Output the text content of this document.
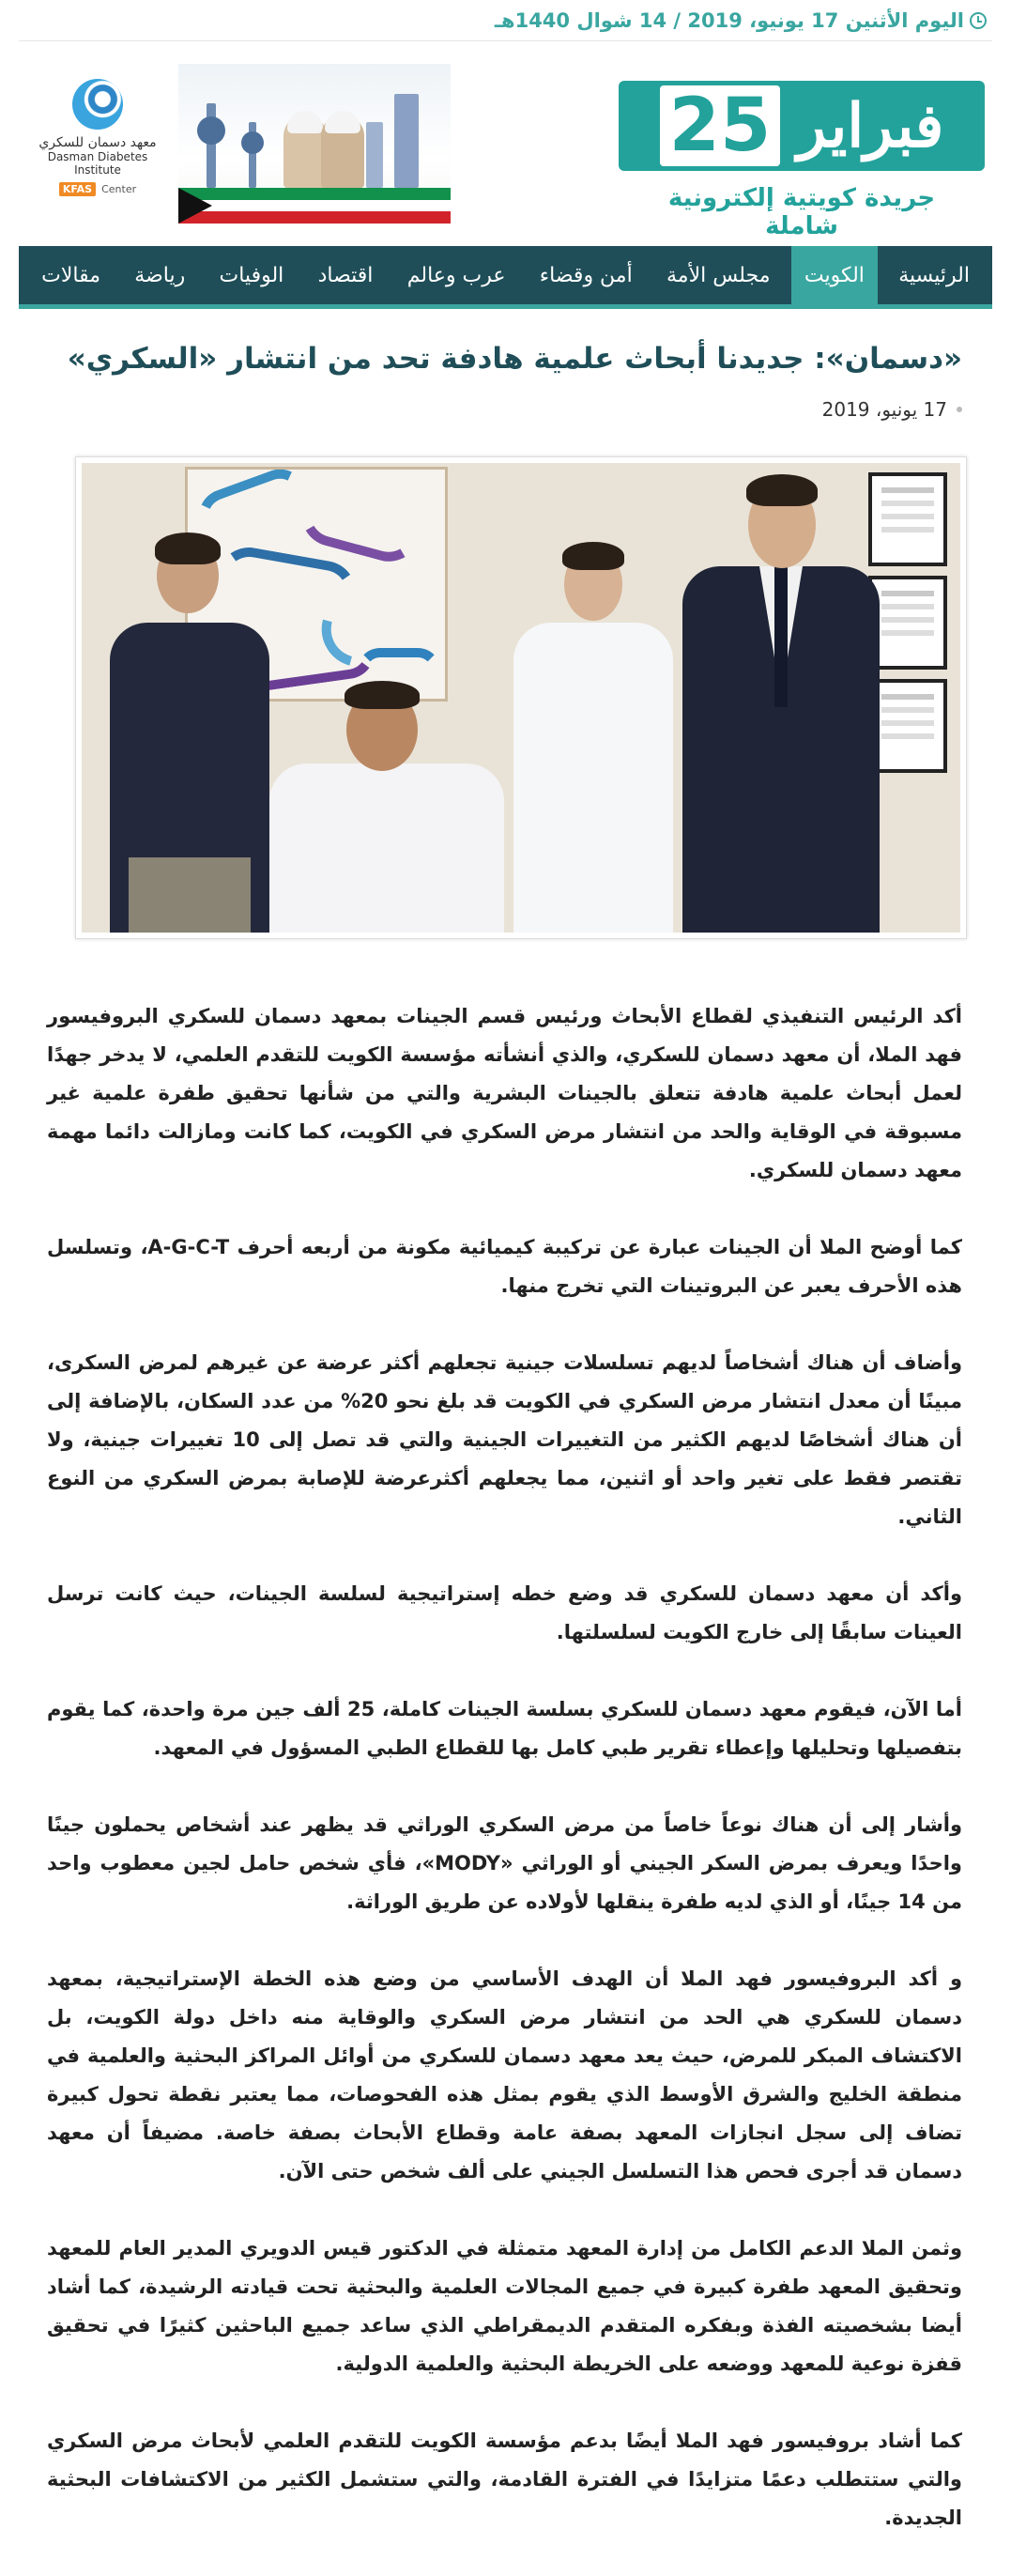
اليوم الأثنين 17 يونيو، 2019 / 14 شوال 1440هـ
فبراير
25
جريدة كويتية إلكترونية شاملة
معهد دسمان للسكري
Dasman Diabetes Institute
KFAS Center
الرئيسية
الكويت
مجلس الأمة
أمن وقضاء
عرب وعالم
اقتصاد
الوفيات
رياضة
مقالات
«دسمان»: جديدنا أبحاث علمية هادفة تحد من انتشار «السكري»
17 يونيو، 2019

أكد الرئيس التنفيذي لقطاع الأبحاث ورئيس قسم الجينات بمعهد دسمان للسكري البروفيسور فهد الملا، أن معهد دسمان للسكري، والذي أنشأته مؤسسة الكويت للتقدم العلمي، لا يدخر جهدًا لعمل أبحاث علمية هادفة تتعلق بالجينات البشرية والتي من شأنها تحقيق طفرة علمية غير مسبوقة في الوقاية والحد من انتشار مرض السكري في الكويت، كما كانت ومازالت دائما مهمة معهد دسمان للسكري.

كما أوضح الملا أن الجينات عبارة عن تركيبة كيميائية مكونة من أربعه أحرف A-G-C-T، وتسلسل هذه الأحرف يعبر عن البروتينات التي تخرج منها.

وأضاف أن هناك أشخاصاً لديهم تسلسلات جينية تجعلهم أكثر عرضة عن غيرهم لمرض السكرى، مبينًا أن معدل انتشار مرض السكري في الكويت قد بلغ نحو 20% من عدد السكان، بالإضافة إلى أن هناك أشخاصًا لديهم الكثير من التغييرات الجينية والتي قد تصل إلى 10 تغييرات جينية، ولا تقتصر فقط على تغير واحد أو اثنين، مما يجعلهم أكثرعرضة للإصابة بمرض السكري من النوع الثاني.

وأكد أن معهد دسمان للسكري قد وضع خطه إستراتيجية لسلسة الجينات، حيث كانت ترسل العينات سابقًا إلى خارج الكويت لسلسلتها.

أما الآن، فيقوم معهد دسمان للسكري بسلسة الجينات كاملة، 25 ألف جين مرة واحدة، كما يقوم بتفصيلها وتحليلها وإعطاء تقرير طبي كامل بها للقطاع الطبي المسؤول في المعهد.

وأشار إلى أن هناك نوعاً خاصاً من مرض السكري الوراثي قد يظهر عند أشخاص يحملون جينًا واحدًا ويعرف بمرض السكر الجيني أو الوراثي «MODY»، فأي شخص حامل لجين معطوب واحد من 14 جينًا، أو الذي لديه طفرة ينقلها لأولاده عن طريق الوراثة.

و أكد البروفيسور فهد الملا أن الهدف الأساسي من وضع هذه الخطة الإستراتيجية، بمعهد دسمان للسكري هي الحد من انتشار مرض السكري والوقاية منه داخل دولة الكويت، بل الاكتشاف المبكر للمرض، حيث يعد معهد دسمان للسكري من أوائل المراكز البحثية والعلمية في منطقة الخليج والشرق الأوسط الذي يقوم بمثل هذه الفحوصات، مما يعتبر نقطة تحول كبيرة تضاف إلى سجل انجازات المعهد بصفة عامة وقطاع الأبحاث بصفة خاصة. مضيفاً أن معهد دسمان قد أجرى فحص هذا التسلسل الجيني على ألف شخص حتى الآن.

وثمن الملا الدعم الكامل من إدارة المعهد متمثلة في الدكتور قيس الدويري المدير العام للمعهد وتحقيق المعهد طفرة كبيرة في جميع المجالات العلمية والبحثية تحت قيادته الرشيدة، كما أشاد أيضا بشخصيته الفذة وبفكره المتقدم الديمقراطي الذي ساعد جميع الباحثين كثيرًا في تحقيق قفزة نوعية للمعهد ووضعه على الخريطة البحثية والعلمية الدولية.

كما أشاد بروفيسور فهد الملا أيضًا بدعم مؤسسة الكويت للتقدم العلمي لأبحاث مرض السكري والتي ستتطلب دعمًا متزايدًا في الفترة القادمة، والتي ستشمل الكثير من الاكتشافات البحثية الجديدة.
